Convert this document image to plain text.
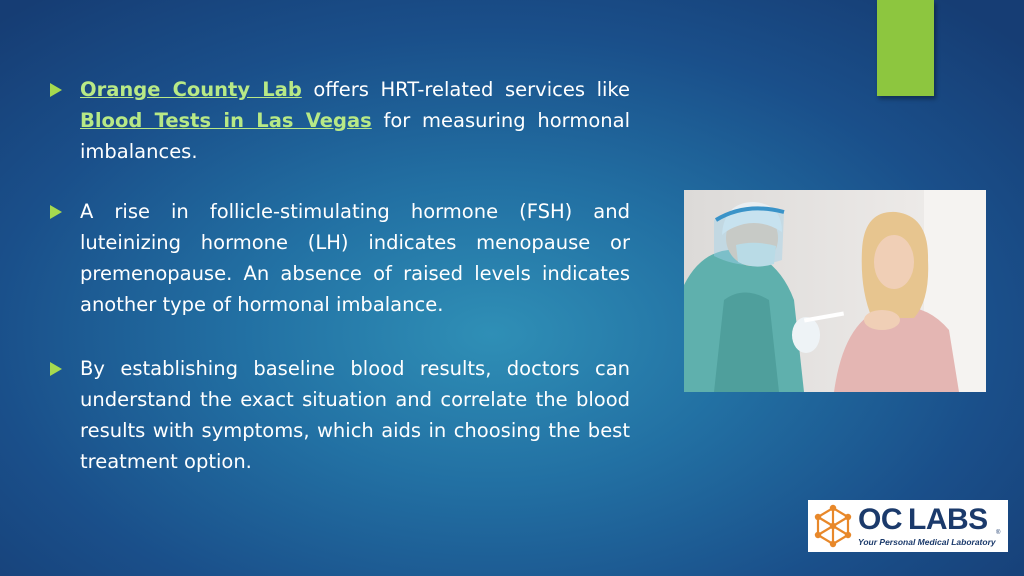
Orange County Lab offers HRT-related services like Blood Tests in Las Vegas for measuring hormonal imbalances.
A rise in follicle-stimulating hormone (FSH) and luteinizing hormone (LH) indicates menopause or premenopause. An absence of raised levels indicates another type of hormonal imbalance.
By establishing baseline blood results, doctors can understand the exact situation and correlate the blood results with symptoms, which aids in choosing the best treatment option.
OC LABS ®
Your Personal Medical Laboratory
